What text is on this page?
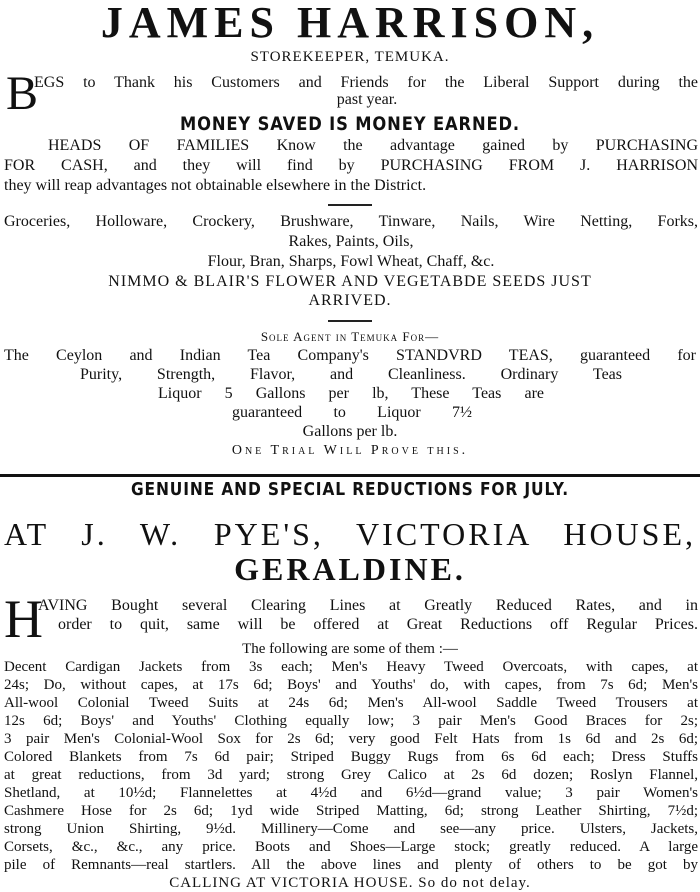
JAMES HARRISON,
STOREKEEPER, TEMUKA.
B
EGS to Thank his Customers and Friends for the Liberal Support during the
past year.
MONEY SAVED IS MONEY EARNED.
HEADS OF FAMILIES Know the advantage gained by PURCHASING
FOR CASH, and they will find by PURCHASING FROM J. HARRISON
they will reap advantages not obtainable elsewhere in the District.
Groceries, Holloware, Crockery, Brushware, Tinware, Nails, Wire Netting, Forks,
Rakes, Paints, Oils,
Flour, Bran, Sharps, Fowl Wheat, Chaff, &c.
NIMMO & BLAIR'S FLOWER AND VEGETABDE SEEDS JUST
ARRIVED.
Sole Agent in Temuka For—
The Ceylon and Indian Tea Company's STANDVRD TEAS, guaranteed for
Purity, Strength, Flavor, and Cleanliness. Ordinary Teas
Liquor 5 Gallons per lb, These Teas are
guaranteed to Liquor 7½
Gallons per lb.
One Trial Will Prove this.
GENUINE AND SPECIAL REDUCTIONS FOR JULY.
AT J. W. PYE'S, VICTORIA HOUSE,
GERALDINE.
H
AVING Bought several Clearing Lines at Greatly Reduced Rates, and in
order to quit, same will be offered at Great Reductions off Regular Prices.
The following are some of them :—
Decent Cardigan Jackets from 3s each; Men's Heavy Tweed Overcoats, with capes, at
24s; Do, without capes, at 17s 6d; Boys' and Youths' do, with capes, from 7s 6d; Men's
All-wool Colonial Tweed Suits at 24s 6d; Men's All-wool Saddle Tweed Trousers at
12s 6d; Boys' and Youths' Clothing equally low; 3 pair Men's Good Braces for 2s;
3 pair Men's Colonial-Wool Sox for 2s 6d; very good Felt Hats from 1s 6d and 2s 6d;
Colored Blankets from 7s 6d pair; Striped Buggy Rugs from 6s 6d each; Dress Stuffs
at great reductions, from 3d yard; strong Grey Calico at 2s 6d dozen; Roslyn Flannel,
Shetland, at 10½d; Flannelettes at 4½d and 6½d—grand value; 3 pair Women's
Cashmere Hose for 2s 6d; 1yd wide Striped Matting, 6d; strong Leather Shirting, 7½d;
strong Union Shirting, 9½d. Millinery—Come and see—any price. Ulsters, Jackets,
Corsets, &c., &c., any price. Boots and Shoes—Large stock; greatly reduced. A large
pile of Remnants—real startlers. All the above lines and plenty of others to be got by
CALLING AT VICTORIA HOUSE. So do not delay.
